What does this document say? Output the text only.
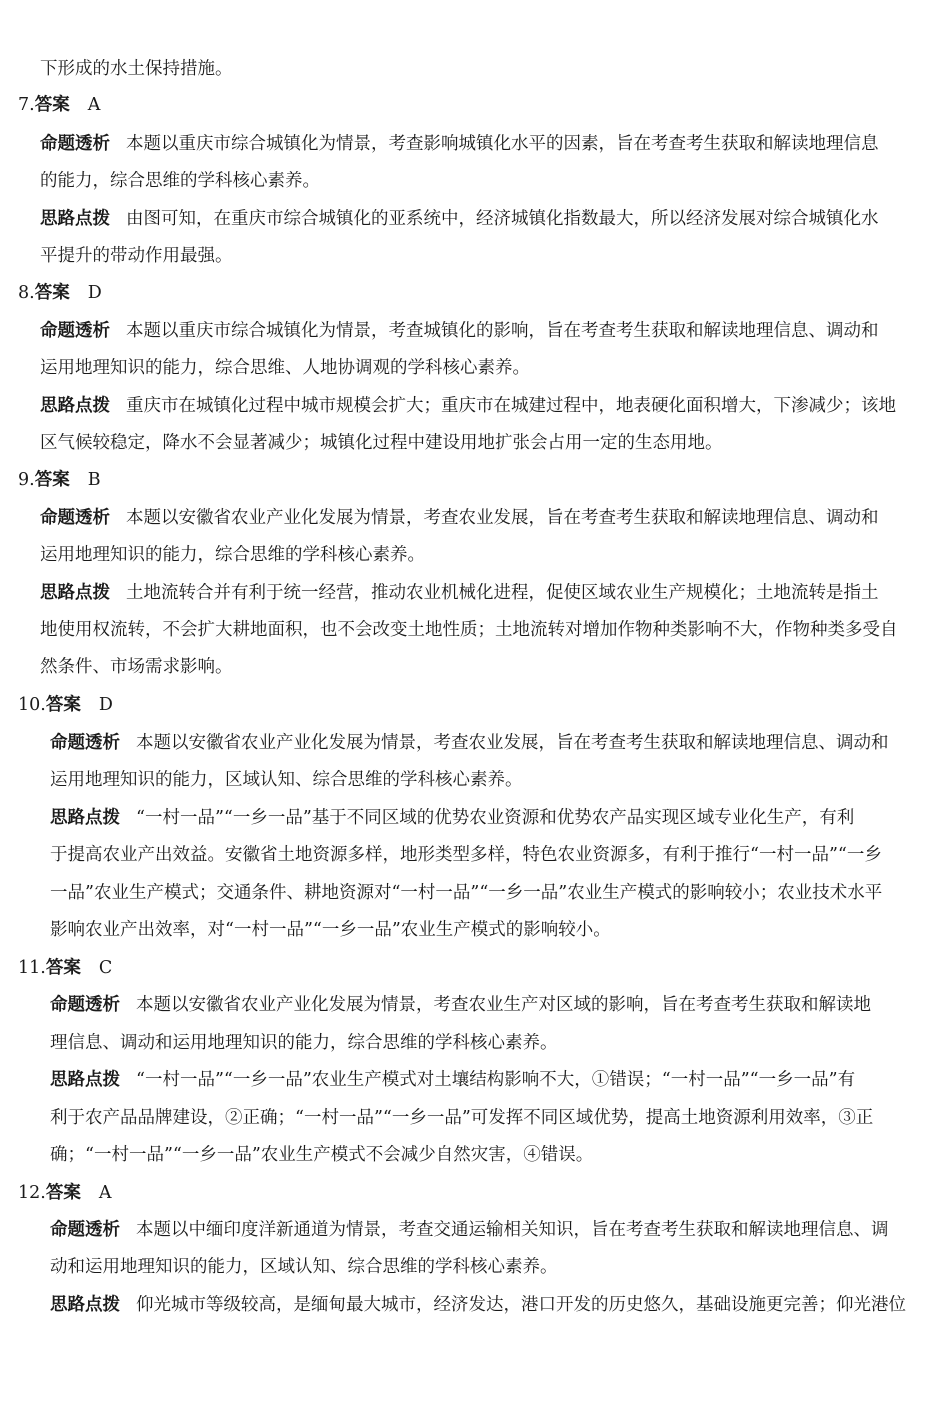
下形成的水土保持措施。
7.答案 A
命题透析 本题以重庆市综合城镇化为情景，考查影响城镇化水平的因素，旨在考查考生获取和解读地理信息
的能力，综合思维的学科核心素养。
思路点拨 由图可知，在重庆市综合城镇化的亚系统中，经济城镇化指数最大，所以经济发展对综合城镇化水
平提升的带动作用最强。
8.答案 D
命题透析 本题以重庆市综合城镇化为情景，考查城镇化的影响，旨在考查考生获取和解读地理信息、调动和
运用地理知识的能力，综合思维、人地协调观的学科核心素养。
思路点拨 重庆市在城镇化过程中城市规模会扩大；重庆市在城建过程中，地表硬化面积增大，下渗减少；该地
区气候较稳定，降水不会显著减少；城镇化过程中建设用地扩张会占用一定的生态用地。
9.答案 B
命题透析 本题以安徽省农业产业化发展为情景，考查农业发展，旨在考查考生获取和解读地理信息、调动和
运用地理知识的能力，综合思维的学科核心素养。
思路点拨 土地流转合并有利于统一经营，推动农业机械化进程，促使区域农业生产规模化；土地流转是指土
地使用权流转，不会扩大耕地面积，也不会改变土地性质；土地流转对增加作物种类影响不大，作物种类多受自
然条件、市场需求影响。
10.答案 D
命题透析 本题以安徽省农业产业化发展为情景，考查农业发展，旨在考查考生获取和解读地理信息、调动和
运用地理知识的能力，区域认知、综合思维的学科核心素养。
思路点拨 “一村一品”“一乡一品”基于不同区域的优势农业资源和优势农产品实现区域专业化生产，有利
于提高农业产出效益。安徽省土地资源多样，地形类型多样，特色农业资源多，有利于推行“一村一品”“一乡
一品”农业生产模式；交通条件、耕地资源对“一村一品”“一乡一品”农业生产模式的影响较小；农业技术水平
影响农业产出效率，对“一村一品”“一乡一品”农业生产模式的影响较小。
11.答案 C
命题透析 本题以安徽省农业产业化发展为情景，考查农业生产对区域的影响，旨在考查考生获取和解读地
理信息、调动和运用地理知识的能力，综合思维的学科核心素养。
思路点拨 “一村一品”“一乡一品”农业生产模式对土壤结构影响不大，①错误；“一村一品”“一乡一品”有
利于农产品品牌建设，②正确；“一村一品”“一乡一品”可发挥不同区域优势，提高土地资源利用效率，③正
确；“一村一品”“一乡一品”农业生产模式不会减少自然灾害，④错误。
12.答案 A
命题透析 本题以中缅印度洋新通道为情景，考查交通运输相关知识，旨在考查考生获取和解读地理信息、调
动和运用地理知识的能力，区域认知、综合思维的学科核心素养。
思路点拨 仰光城市等级较高，是缅甸最大城市，经济发达，港口开发的历史悠久，基础设施更完善；仰光港位
